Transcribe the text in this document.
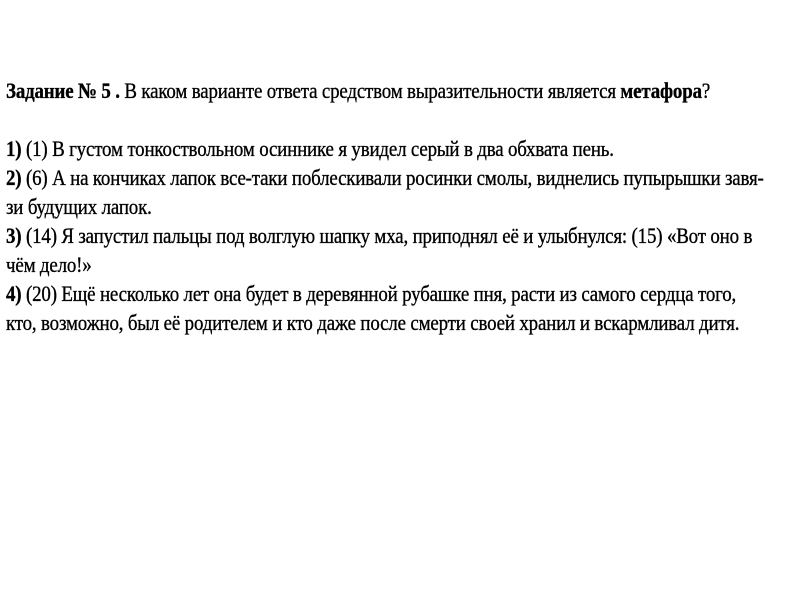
Задание № 5 . В каком варианте ответа средством выразительности является метафора?

1) (1) В густом тонкоствольном осиннике я увидел серый в два обхвата пень.

2) (6) А на кончиках лапок все-таки поблескивали росинки смолы, виднелись пупырышки завя-
зи будущих лапок.

3) (14) Я запустил пальцы под волглую шапку мха, приподнял её и улыбнулся: (15) «Вот оно в
чём дело!»

4) (20) Ещё несколько лет она будет в деревянной рубашке пня, расти из самого сердца того,
кто, возможно, был её родителем и кто даже после смерти своей хранил и вскармливал дитя.
